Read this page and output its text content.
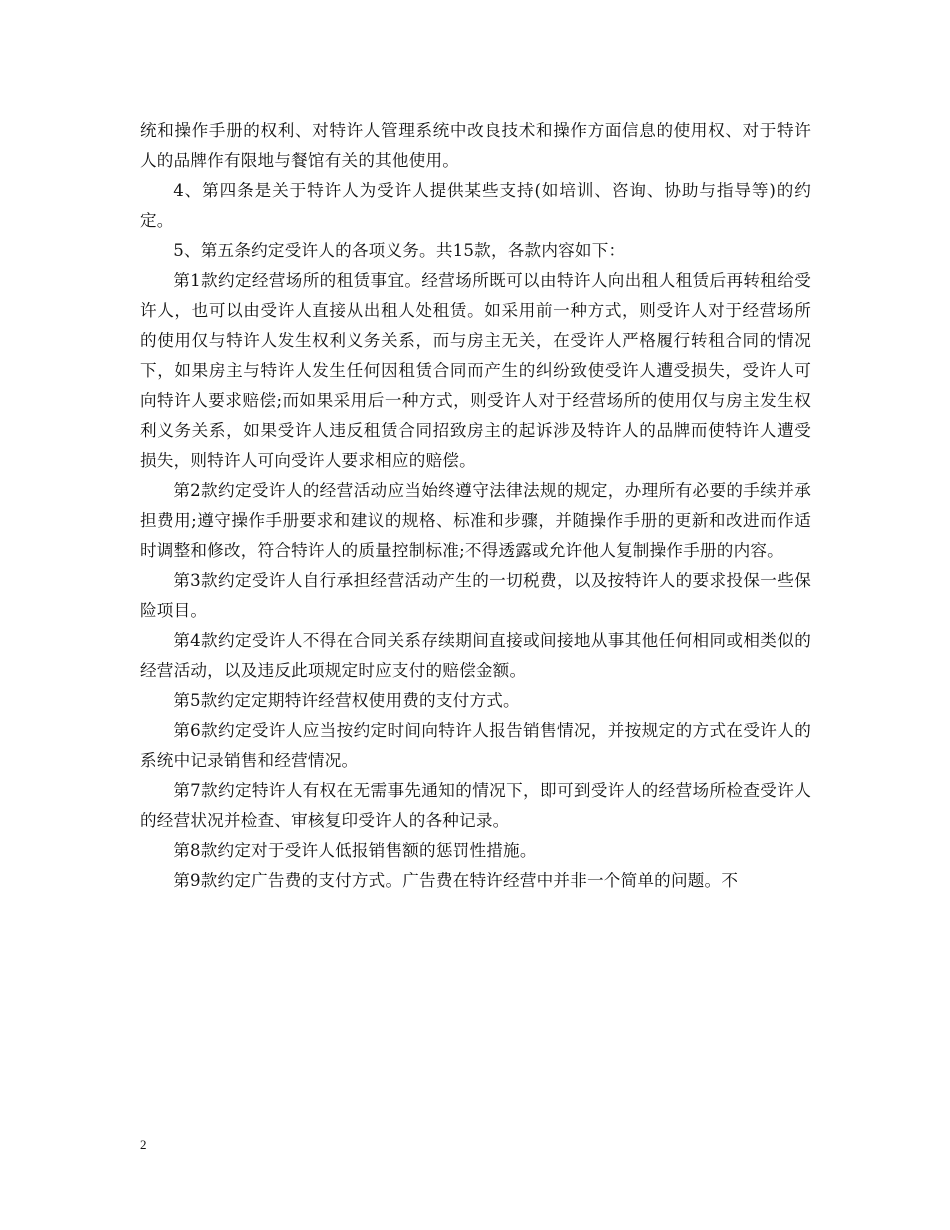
统和操作手册的权利、对特许人管理系统中改良技术和操作方面信息的使用权、对于特许人的品牌作有限地与餐馆有关的其他使用。

4、第四条是关于特许人为受许人提供某些支持(如培训、咨询、协助与指导等)的约定。

5、第五条约定受许人的各项义务。共15款，各款内容如下：

第1款约定经营场所的租赁事宜。经营场所既可以由特许人向出租人租赁后再转租给受许人，也可以由受许人直接从出租人处租赁。如采用前一种方式，则受许人对于经营场所的使用仅与特许人发生权利义务关系，而与房主无关，在受许人严格履行转租合同的情况下，如果房主与特许人发生任何因租赁合同而产生的纠纷致使受许人遭受损失，受许人可向特许人要求赔偿;而如果采用后一种方式，则受许人对于经营场所的使用仅与房主发生权利义务关系，如果受许人违反租赁合同招致房主的起诉涉及特许人的品牌而使特许人遭受损失，则特许人可向受许人要求相应的赔偿。

第2款约定受许人的经营活动应当始终遵守法律法规的规定，办理所有必要的手续并承担费用;遵守操作手册要求和建议的规格、标准和步骤，并随操作手册的更新和改进而作适时调整和修改，符合特许人的质量控制标准;不得透露或允许他人复制操作手册的内容。

第3款约定受许人自行承担经营活动产生的一切税费，以及按特许人的要求投保一些保险项目。

第4款约定受许人不得在合同关系存续期间直接或间接地从事其他任何相同或相类似的经营活动，以及违反此项规定时应支付的赔偿金额。

第5款约定定期特许经营权使用费的支付方式。

第6款约定受许人应当按约定时间向特许人报告销售情况，并按规定的方式在受许人的系统中记录销售和经营情况。

第7款约定特许人有权在无需事先通知的情况下，即可到受许人的经营场所检查受许人的经营状况并检查、审核复印受许人的各种记录。

第8款约定对于受许人低报销售额的惩罚性措施。

第9款约定广告费的支付方式。广告费在特许经营中并非一个简单的问题。不

2
